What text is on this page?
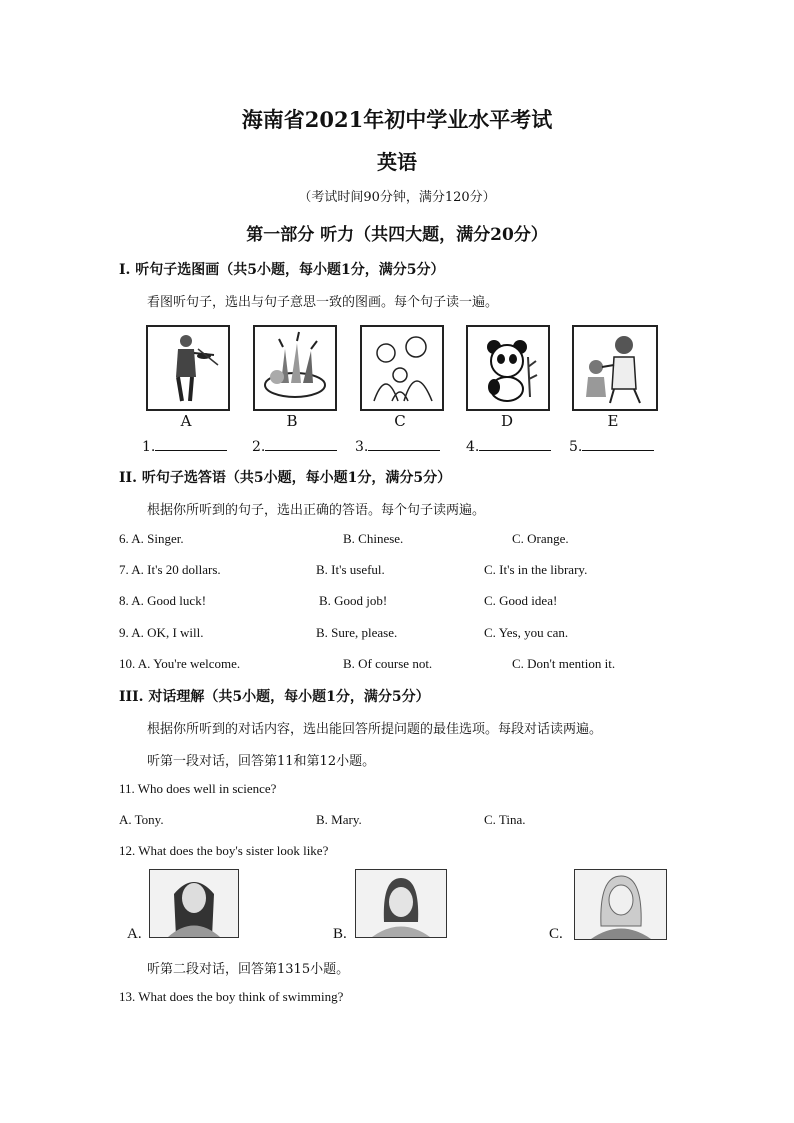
海南省2021年初中学业水平考试
英语
（考试时间90分钟，满分120分）
第一部分 听力（共四大题，满分20分）
I. 听句子选图画（共5小题，每小题1分，满分5分）
看图听句子，选出与句子意思一致的图画。每个句子读一遍。
A	B	C	D	E
1.	2.	3.	4.	5.
II. 听句子选答语（共5小题，每小题1分，满分5分）
根据你所听到的句子，选出正确的答语。每个句子读两遍。
6. A. Singer.	B. Chinese.	C. Orange.
7. A. It's 20 dollars.	B. It's useful.	C. It's in the library.
8. A. Good luck!	B. Good job!	C. Good idea!
9. A. OK, I will.	B. Sure, please.	C. Yes, you can.
10. A. You're welcome.	B. Of course not.	C. Don't mention it.
III. 对话理解（共5小题，每小题1分，满分5分）
根据你所听到的对话内容，选出能回答所提问题的最佳选项。每段对话读两遍。
听第一段对话，回答第11和第12小题。
11. Who does well in science?
A. Tony.	B. Mary.	C. Tina.
12. What does the boy's sister look like?
A.	B.	C.
听第二段对话，回答第1315小题。
13. What does the boy think of swimming?
